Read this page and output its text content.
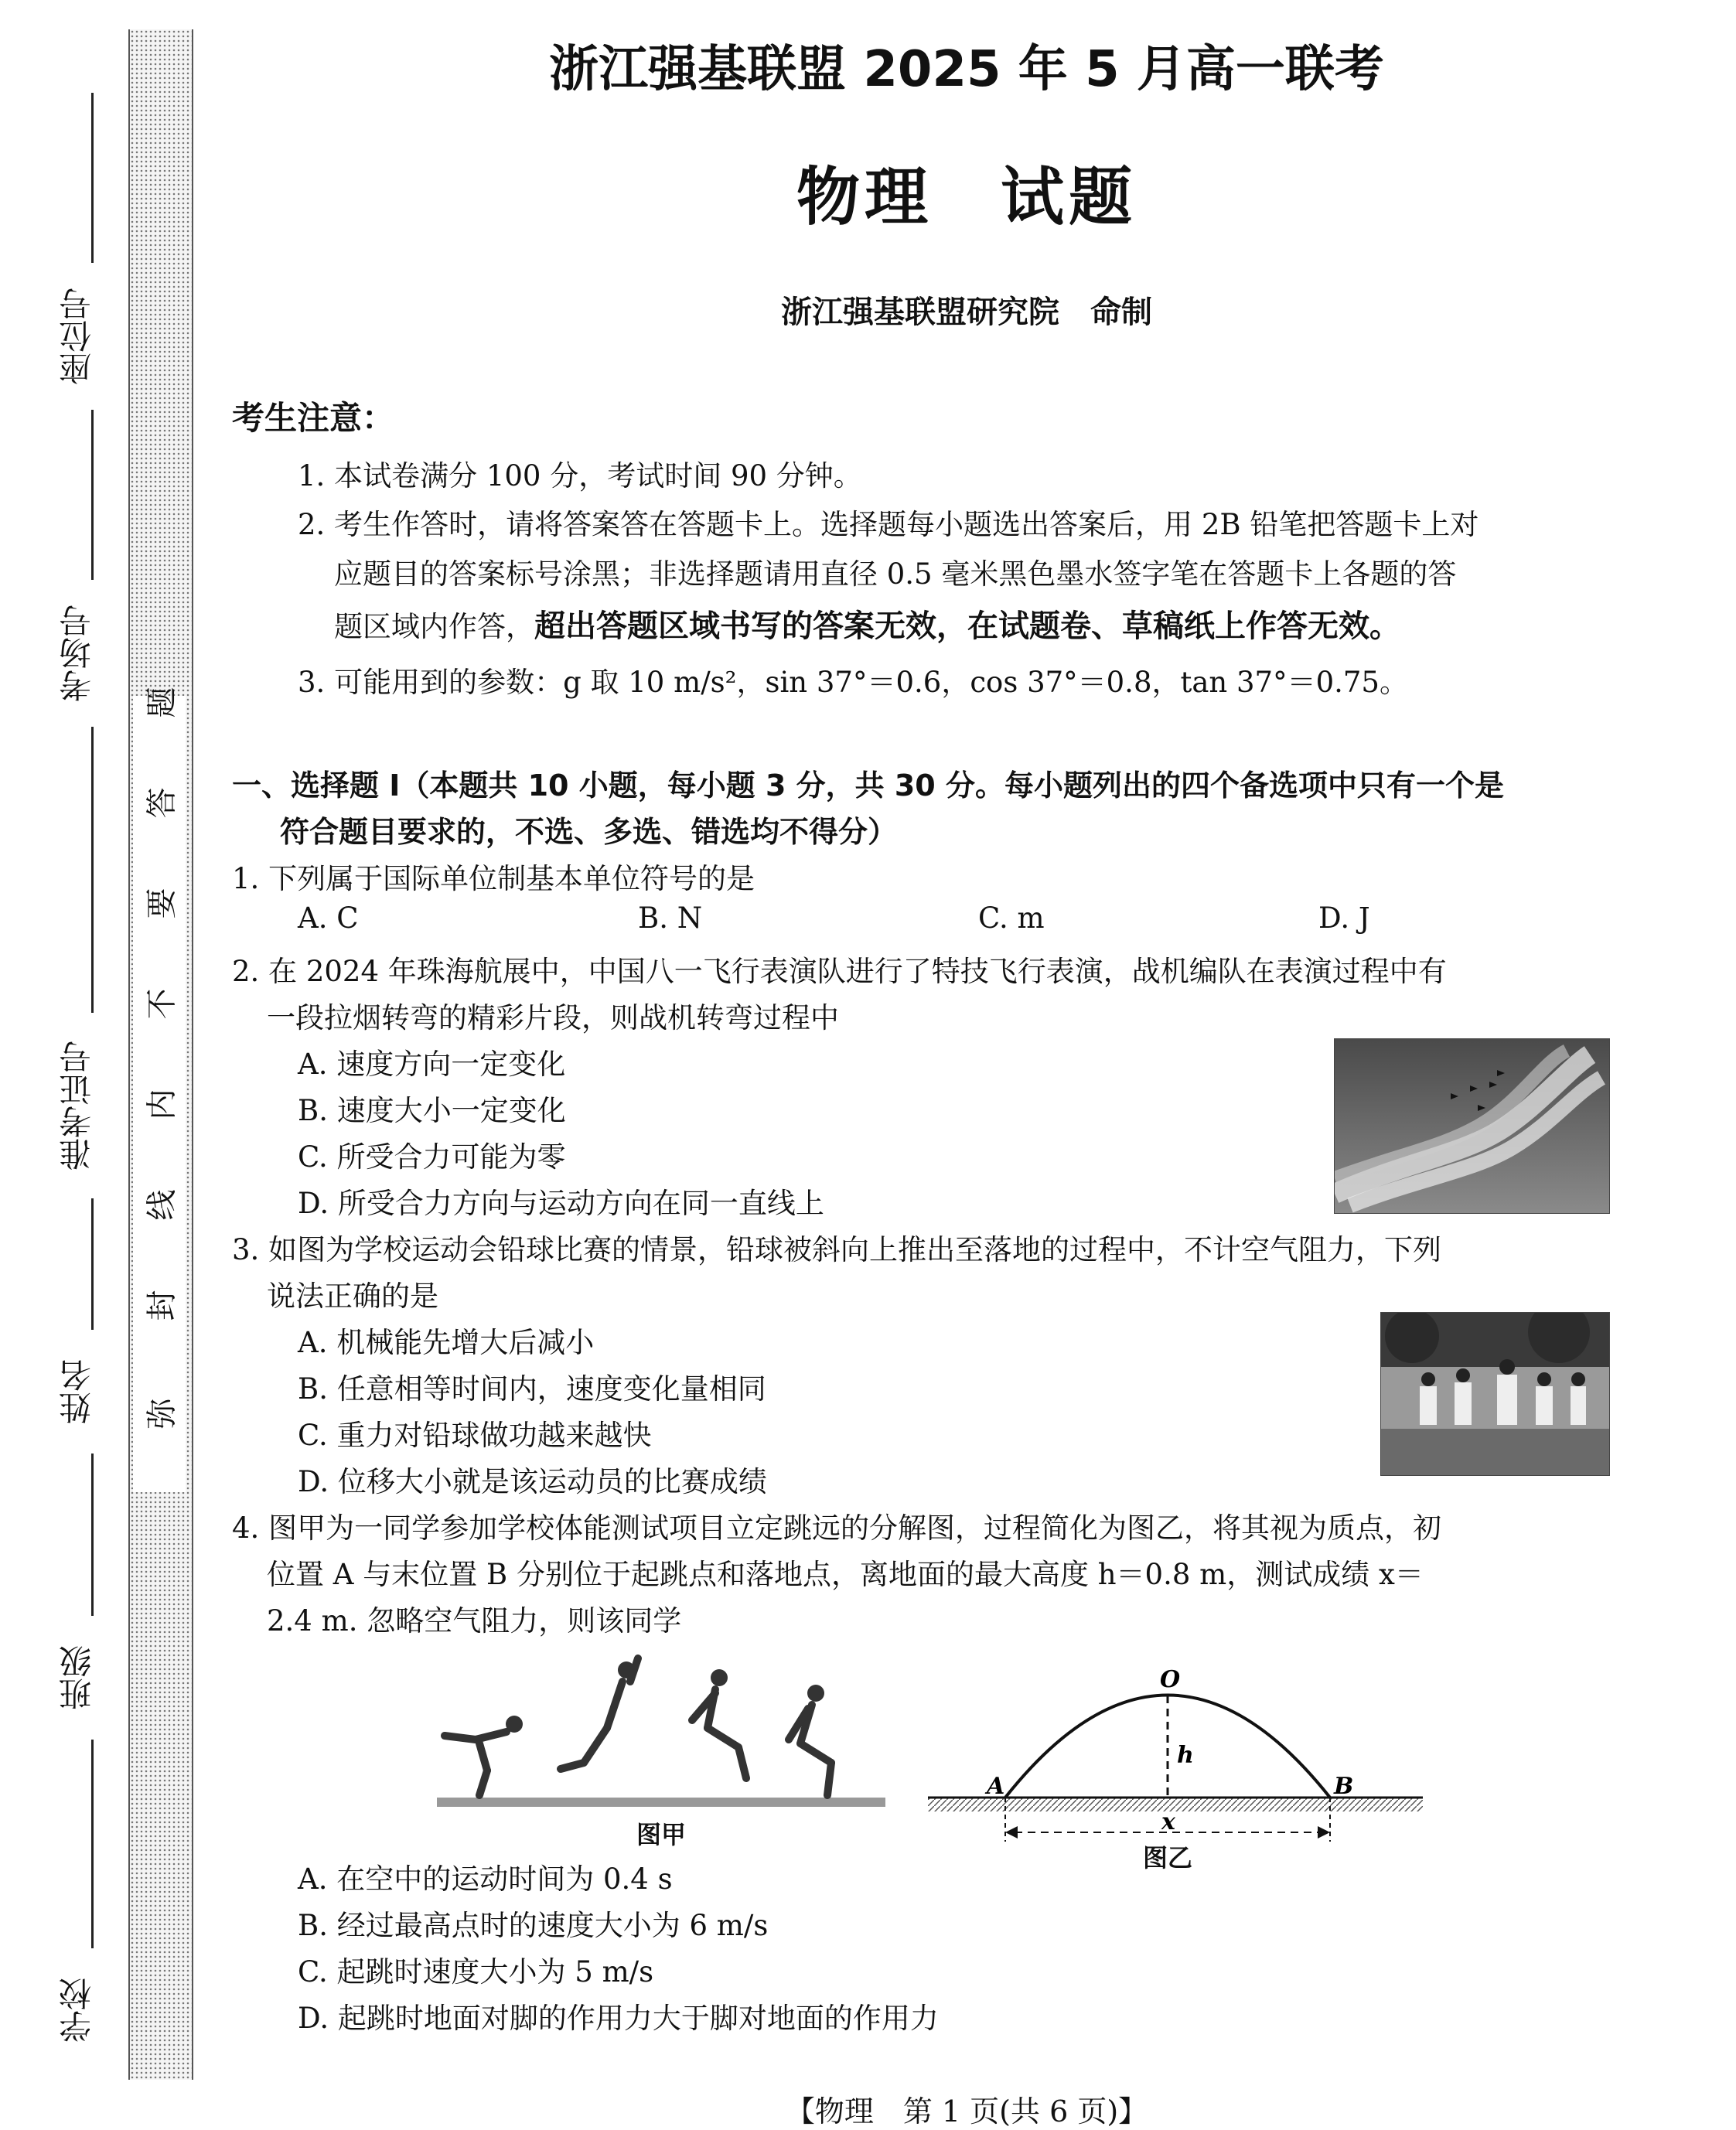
座位号
考场号
准考证号
姓名
班级
学校
题
答
要
不
内
线
封
弥
浙江强基联盟 2025 年 5 月高一联考
物理　试题
浙江强基联盟研究院　命制
考生注意：
1. 本试卷满分 100 分，考试时间 90 分钟。
2. 考生作答时，请将答案答在答题卡上。选择题每小题选出答案后，用 2B 铅笔把答题卡上对
应题目的答案标号涂黑；非选择题请用直径 0.5 毫米黑色墨水签字笔在答题卡上各题的答
题区域内作答，超出答题区域书写的答案无效，在试题卷、草稿纸上作答无效。
3. 可能用到的参数：g 取 10 m/s²，sin 37°＝0.6，cos 37°＝0.8，tan 37°＝0.75。
一、选择题 Ⅰ（本题共 10 小题，每小题 3 分，共 30 分。每小题列出的四个备选项中只有一个是
符合题目要求的，不选、多选、错选均不得分）
1. 下列属于国际单位制基本单位符号的是
A. C	B. N	C. m	D. J
2. 在 2024 年珠海航展中，中国八一飞行表演队进行了特技飞行表演，战机编队在表演过程中有
一段拉烟转弯的精彩片段，则战机转弯过程中
A. 速度方向一定变化
B. 速度大小一定变化
C. 所受合力可能为零
D. 所受合力方向与运动方向在同一直线上
3. 如图为学校运动会铅球比赛的情景，铅球被斜向上推出至落地的过程中，不计空气阻力，下列
说法正确的是
A. 机械能先增大后减小
B. 任意相等时间内，速度变化量相同
C. 重力对铅球做功越来越快
D. 位移大小就是该运动员的比赛成绩
4. 图甲为一同学参加学校体能测试项目立定跳远的分解图，过程简化为图乙，将其视为质点，初
位置 A 与末位置 B 分别位于起跳点和落地点，离地面的最大高度 h＝0.8 m，测试成绩 x＝
2.4 m. 忽略空气阻力，则该同学
图甲
O
h
A	B
x
图乙
A. 在空中的运动时间为 0.4 s
B. 经过最高点时的速度大小为 6 m/s
C. 起跳时速度大小为 5 m/s
D. 起跳时地面对脚的作用力大于脚对地面的作用力
【物理　第 1 页(共 6 页)】
